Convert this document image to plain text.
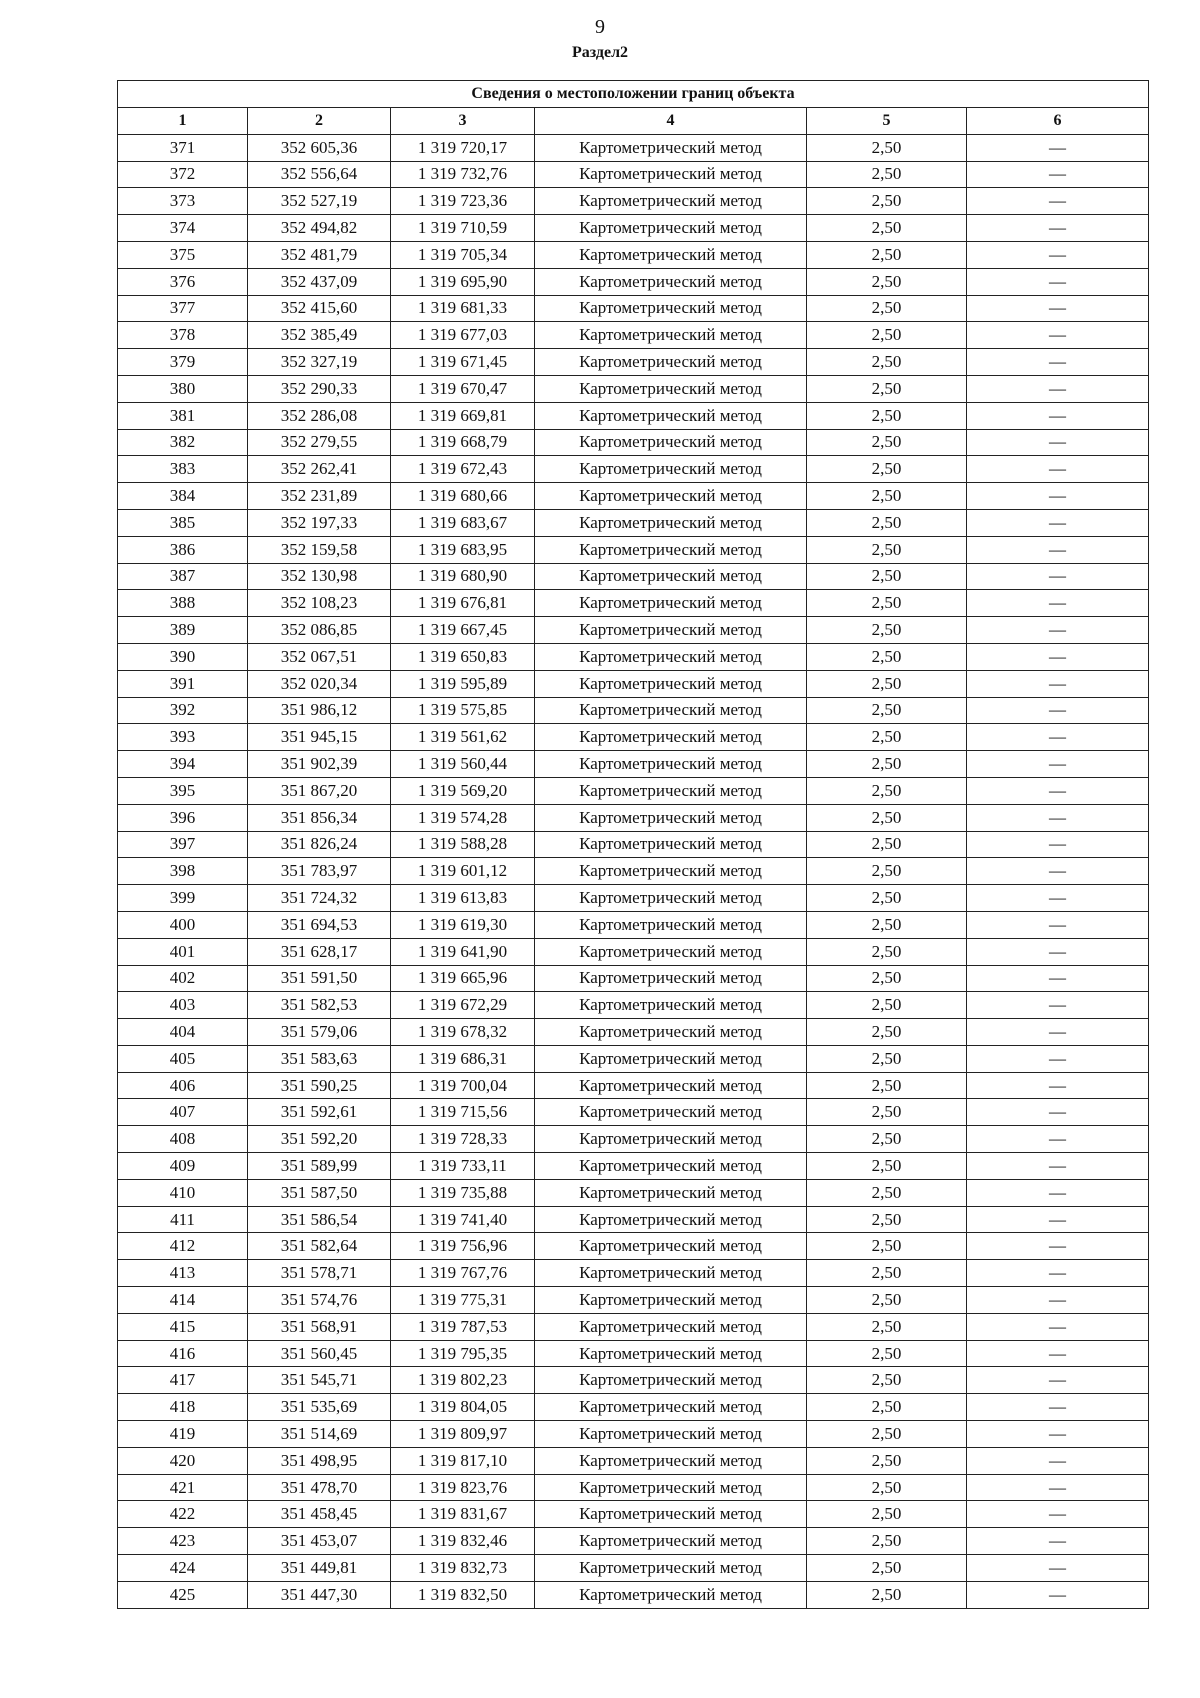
9
Раздел2
Сведения о местоположении границ объекта					
1	2	3	4	5	6
371	352 605,36	1 319 720,17	Картометрический метод	2,50	—
372	352 556,64	1 319 732,76	Картометрический метод	2,50	—
373	352 527,19	1 319 723,36	Картометрический метод	2,50	—
374	352 494,82	1 319 710,59	Картометрический метод	2,50	—
375	352 481,79	1 319 705,34	Картометрический метод	2,50	—
376	352 437,09	1 319 695,90	Картометрический метод	2,50	—
377	352 415,60	1 319 681,33	Картометрический метод	2,50	—
378	352 385,49	1 319 677,03	Картометрический метод	2,50	—
379	352 327,19	1 319 671,45	Картометрический метод	2,50	—
380	352 290,33	1 319 670,47	Картометрический метод	2,50	—
381	352 286,08	1 319 669,81	Картометрический метод	2,50	—
382	352 279,55	1 319 668,79	Картометрический метод	2,50	—
383	352 262,41	1 319 672,43	Картометрический метод	2,50	—
384	352 231,89	1 319 680,66	Картометрический метод	2,50	—
385	352 197,33	1 319 683,67	Картометрический метод	2,50	—
386	352 159,58	1 319 683,95	Картометрический метод	2,50	—
387	352 130,98	1 319 680,90	Картометрический метод	2,50	—
388	352 108,23	1 319 676,81	Картометрический метод	2,50	—
389	352 086,85	1 319 667,45	Картометрический метод	2,50	—
390	352 067,51	1 319 650,83	Картометрический метод	2,50	—
391	352 020,34	1 319 595,89	Картометрический метод	2,50	—
392	351 986,12	1 319 575,85	Картометрический метод	2,50	—
393	351 945,15	1 319 561,62	Картометрический метод	2,50	—
394	351 902,39	1 319 560,44	Картометрический метод	2,50	—
395	351 867,20	1 319 569,20	Картометрический метод	2,50	—
396	351 856,34	1 319 574,28	Картометрический метод	2,50	—
397	351 826,24	1 319 588,28	Картометрический метод	2,50	—
398	351 783,97	1 319 601,12	Картометрический метод	2,50	—
399	351 724,32	1 319 613,83	Картометрический метод	2,50	—
400	351 694,53	1 319 619,30	Картометрический метод	2,50	—
401	351 628,17	1 319 641,90	Картометрический метод	2,50	—
402	351 591,50	1 319 665,96	Картометрический метод	2,50	—
403	351 582,53	1 319 672,29	Картометрический метод	2,50	—
404	351 579,06	1 319 678,32	Картометрический метод	2,50	—
405	351 583,63	1 319 686,31	Картометрический метод	2,50	—
406	351 590,25	1 319 700,04	Картометрический метод	2,50	—
407	351 592,61	1 319 715,56	Картометрический метод	2,50	—
408	351 592,20	1 319 728,33	Картометрический метод	2,50	—
409	351 589,99	1 319 733,11	Картометрический метод	2,50	—
410	351 587,50	1 319 735,88	Картометрический метод	2,50	—
411	351 586,54	1 319 741,40	Картометрический метод	2,50	—
412	351 582,64	1 319 756,96	Картометрический метод	2,50	—
413	351 578,71	1 319 767,76	Картометрический метод	2,50	—
414	351 574,76	1 319 775,31	Картометрический метод	2,50	—
415	351 568,91	1 319 787,53	Картометрический метод	2,50	—
416	351 560,45	1 319 795,35	Картометрический метод	2,50	—
417	351 545,71	1 319 802,23	Картометрический метод	2,50	—
418	351 535,69	1 319 804,05	Картометрический метод	2,50	—
419	351 514,69	1 319 809,97	Картометрический метод	2,50	—
420	351 498,95	1 319 817,10	Картометрический метод	2,50	—
421	351 478,70	1 319 823,76	Картометрический метод	2,50	—
422	351 458,45	1 319 831,67	Картометрический метод	2,50	—
423	351 453,07	1 319 832,46	Картометрический метод	2,50	—
424	351 449,81	1 319 832,73	Картометрический метод	2,50	—
425	351 447,30	1 319 832,50	Картометрический метод	2,50	—
